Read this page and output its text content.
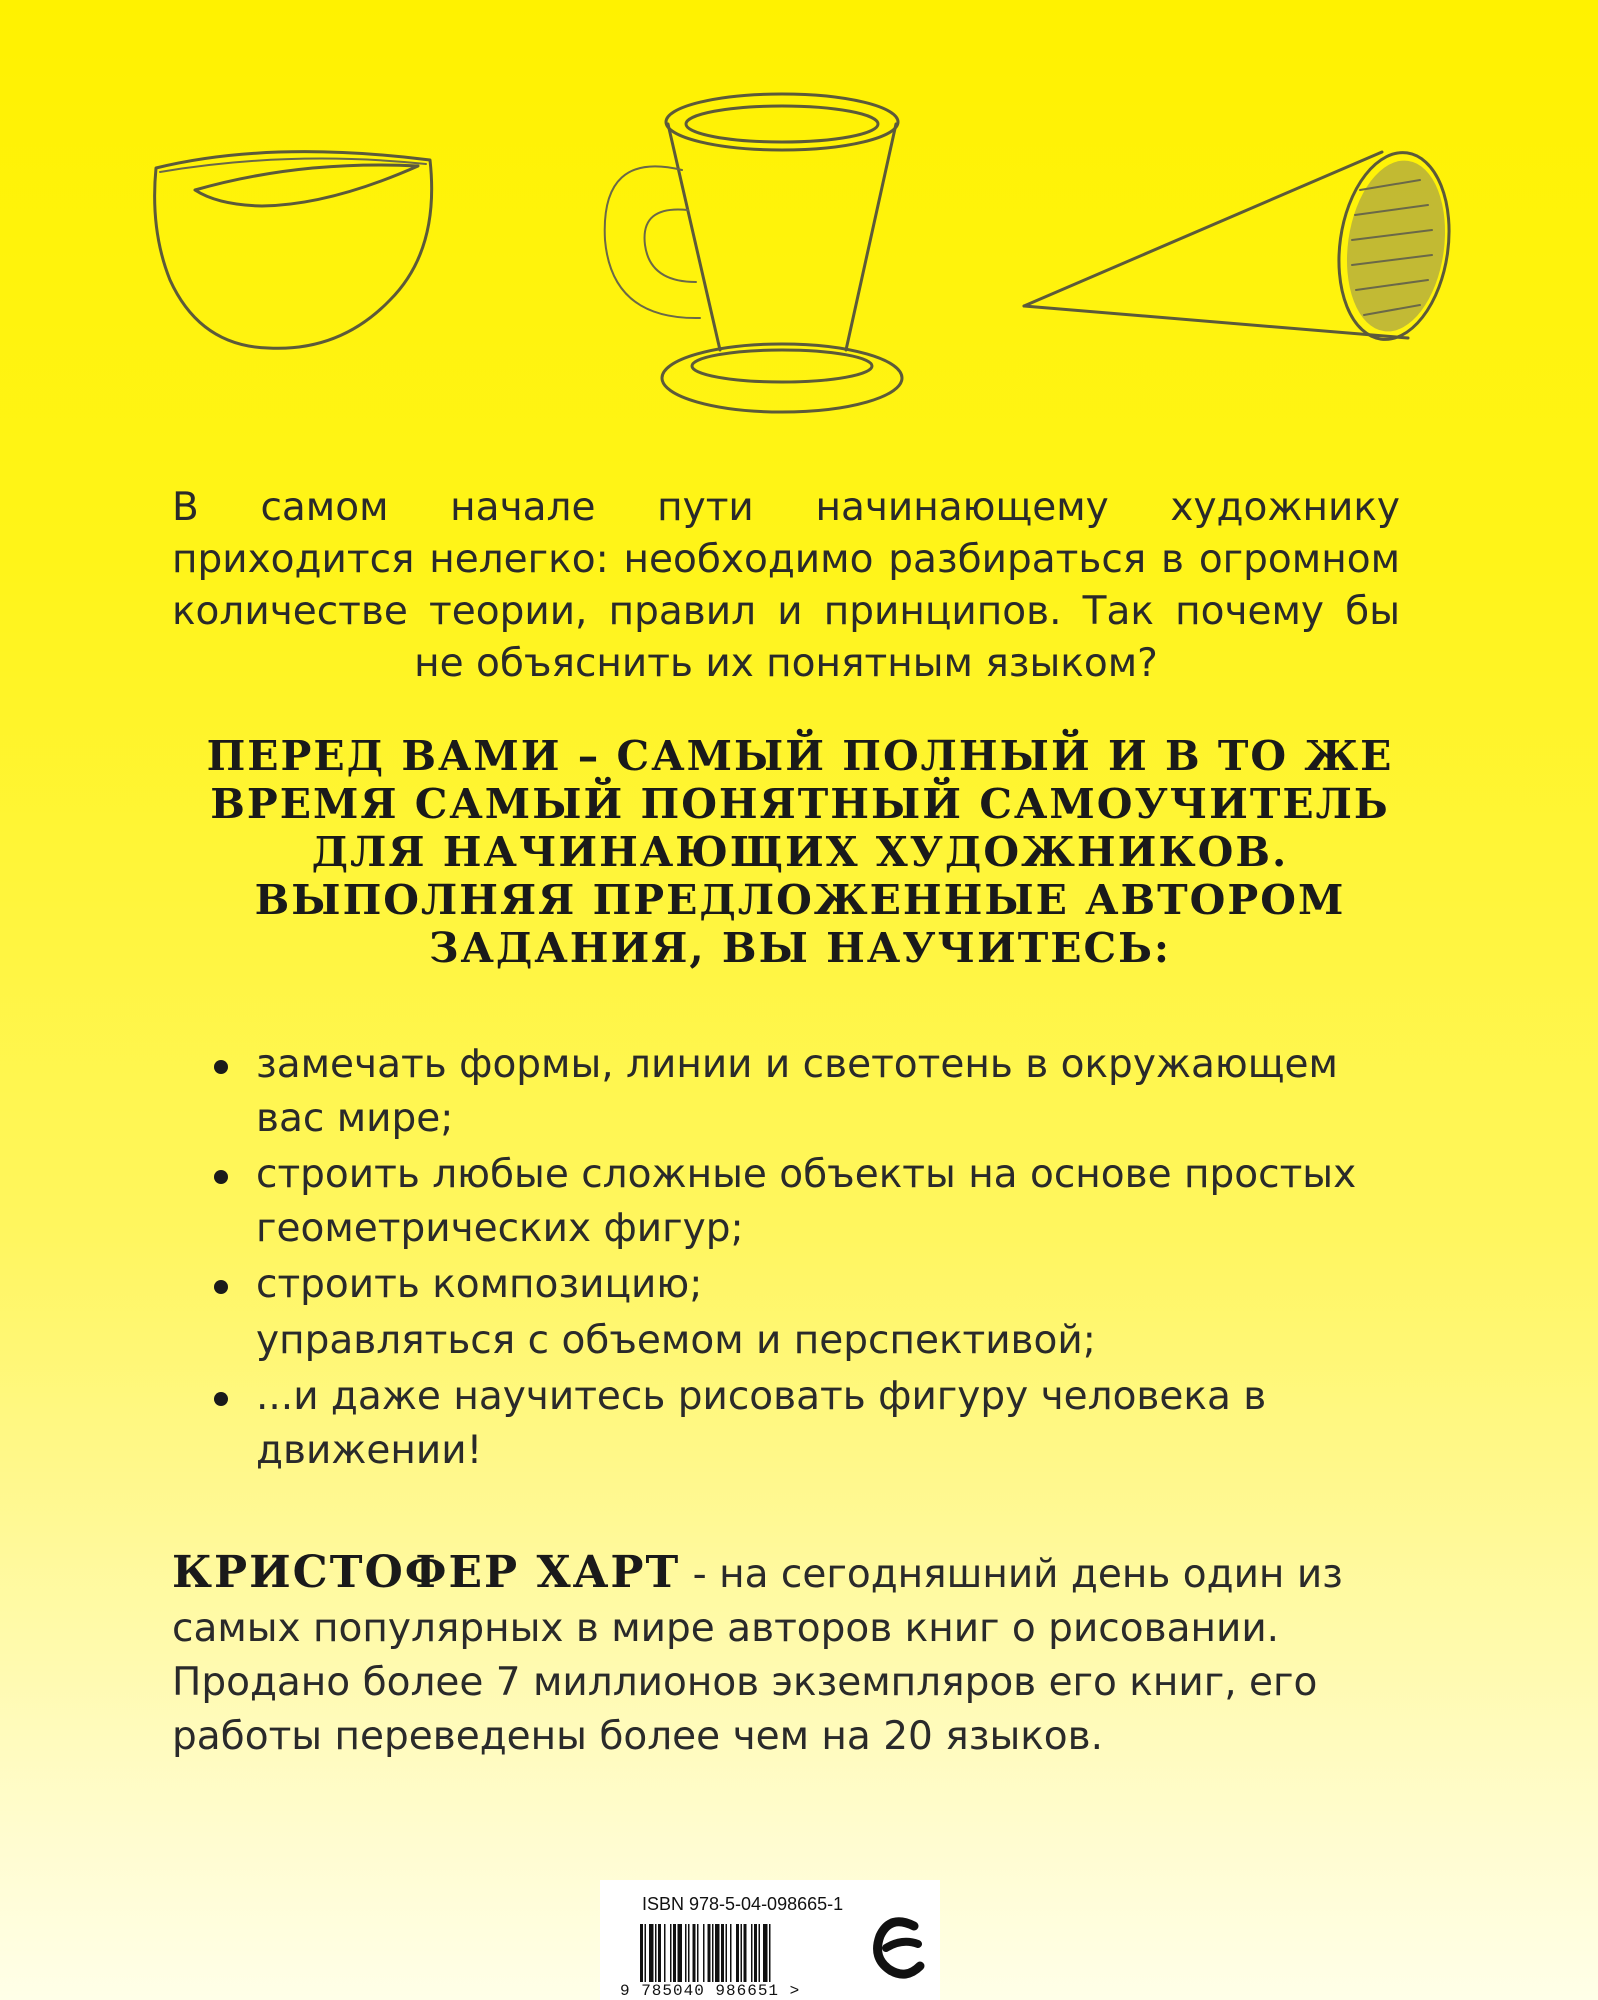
В самом начале пути начинающему художнику приходится нелегко: необходимо разбираться в огромном количестве теории, правил и принципов. Так почему бы не объяснить их понятным языком?

ПЕРЕД ВАМИ – САМЫЙ ПОЛНЫЙ И В ТО ЖЕ ВРЕМЯ САМЫЙ ПОНЯТНЫЙ САМОУЧИТЕЛЬ ДЛЯ НАЧИНАЮЩИХ ХУДОЖНИКОВ. ВЫПОЛНЯЯ ПРЕДЛОЖЕННЫЕ АВТОРОМ ЗАДАНИЯ, ВЫ НАУЧИТЕСЬ:

замечать формы, линии и светотень в окружающем вас мире;
строить любые сложные объекты на основе простых геометрических фигур;
строить композицию;
управляться с объемом и перспективой;
...и даже научитесь рисовать фигуру человека в движении!

КРИСТОФЕР ХАРТ - на сегодняшний день один из самых популярных в мире авторов книг о рисовании. Продано более 7 миллионов экземпляров его книг, его работы переведены более чем на 20 языков.

ISBN 978-5-04-098665-1
9 785040 986651 >
